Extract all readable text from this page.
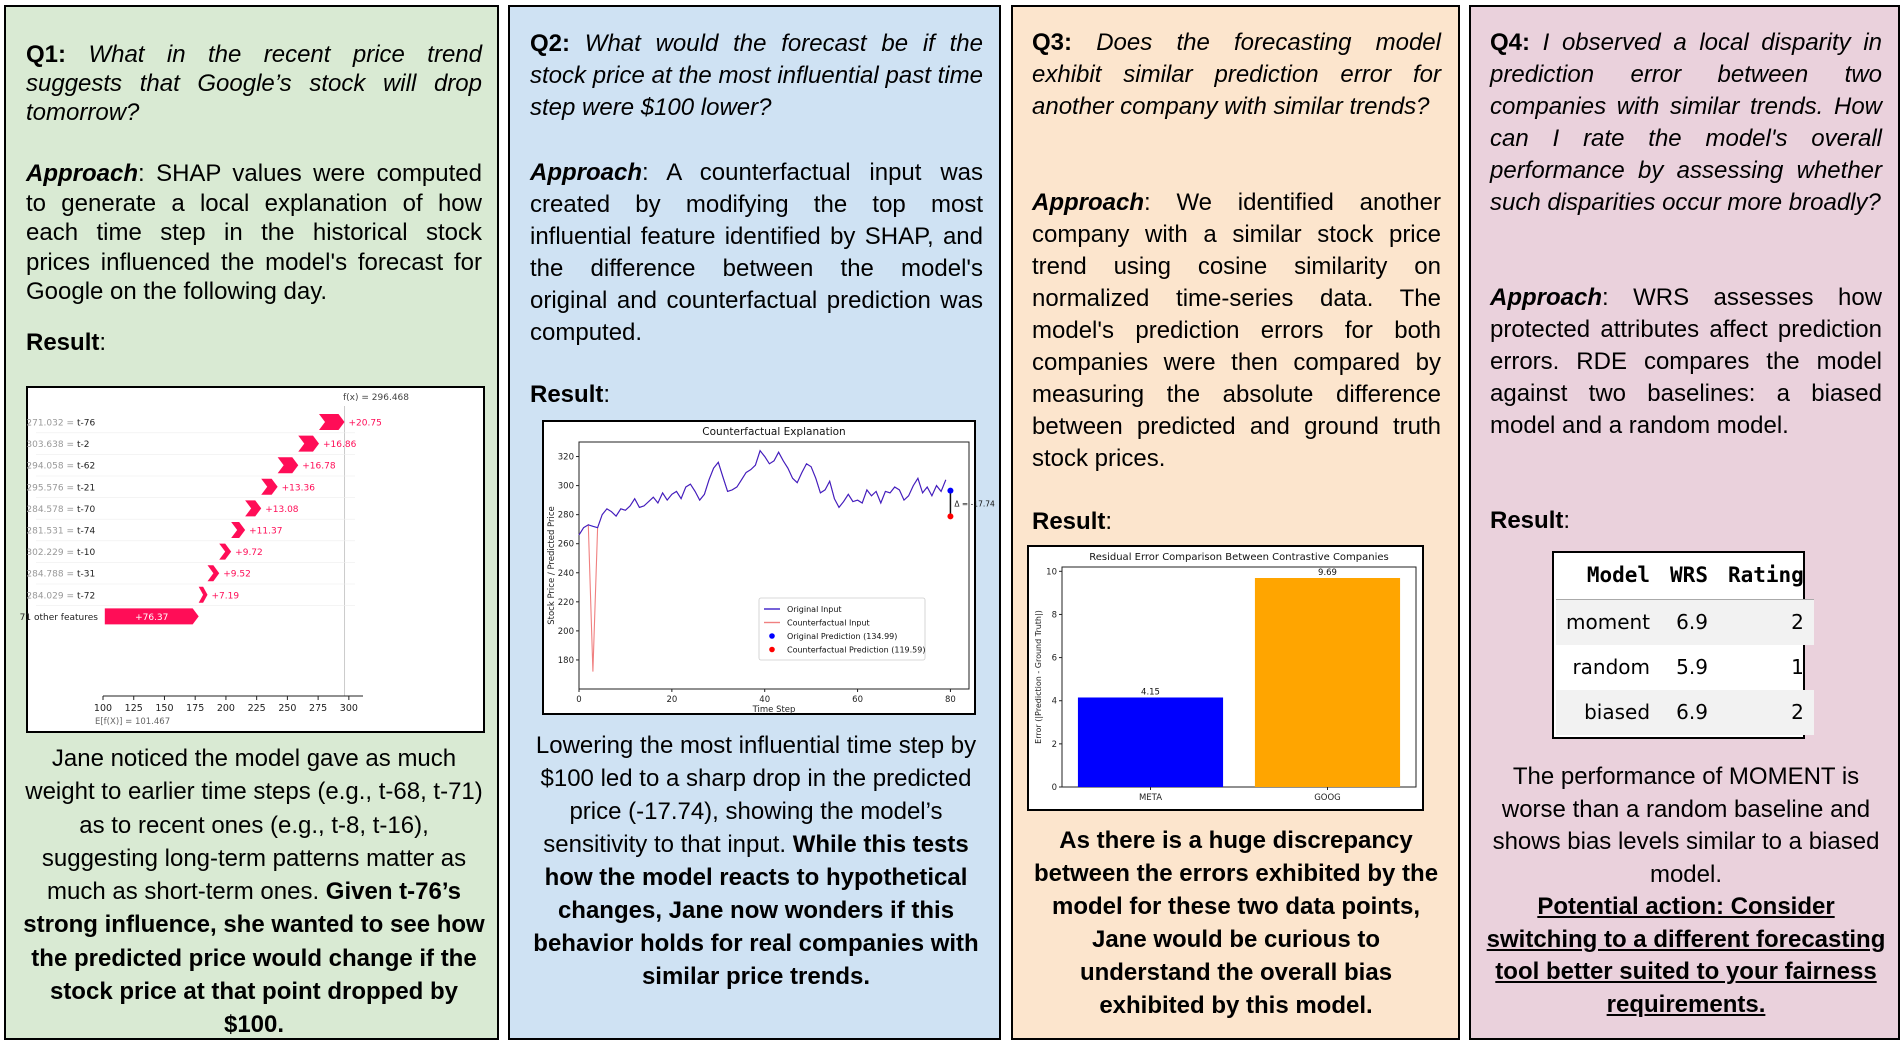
Q1: What in the recent price trend suggests that Google’s stock will drop tomorrow?
Approach: SHAP values were computed to generate a local explanation of how each time step in the historical stock prices influenced the model's forecast for Google on the following day.
Result:
f(x) = 296.468
+20.75
271.032 = t-76
+16.86
303.638 = t-2
+16.78
294.058 = t-62
+13.36
295.576 = t-21
+13.08
284.578 = t-70
+11.37
281.531 = t-74
+9.72
302.229 = t-10
+9.52
284.788 = t-31
+7.19
284.029 = t-72
+76.37
71 other features
100 125 150 175 200 225 250 275 300
E[f(X)] = 101.467
Jane noticed the model gave as much weight to earlier time steps (e.g., t-68, t-71) as to recent ones (e.g., t-8, t-16), suggesting long-term patterns matter as much as short-term ones. Given t-76’s strong influence, she wanted to see how the predicted price would change if the stock price at that point dropped by $100.
Q2: What would the forecast be if the stock price at the most influential past time step were $100 lower?
Approach: A counterfactual input was created by modifying the top most influential feature identified by SHAP, and the difference between the model's original and counterfactual prediction was computed.
Result:
Counterfactual Explanation
180
200
220
240
260
280
300
320
0	20	40	60	80
Time Step
Stock Price / Predicted Price
Δ = -17.74
Original Input
Counterfactual Input
Original Prediction (134.99)
Counterfactual Prediction (119.59)
Lowering the most influential time step by $100 led to a sharp drop in the predicted price (-17.74), showing the model’s sensitivity to that input. While this tests how the model reacts to hypothetical changes, Jane now wonders if this behavior holds for real companies with similar price trends.
Q3: Does the forecasting model exhibit similar prediction error for another company with similar trends?
Approach: We identified another company with a similar stock price trend using cosine similarity on normalized time-series data. The model's prediction errors for both companies were then compared by measuring the absolute difference between predicted and ground truth stock prices.
Result:
Residual Error Comparison Between Contrastive Companies
0
2
4
6
8
10
Error (|Prediction - Ground Truth|)	4.15
META
9.69
GOOG
As there is a huge discrepancy between the errors exhibited by the model for these two data points, Jane would be curious to understand the overall bias exhibited by this model.
Q4: I observed a local disparity in prediction error between two companies with similar trends. How can I rate the model's overall performance by assessing whether such disparities occur more broadly?
Approach: WRS assesses how protected attributes affect prediction errors. RDE compares the model against two baselines: a biased model and a random model.
Result:
Model	WRS	Rating
moment	6.9	2
random	5.9	1
biased	6.9	2
The performance of MOMENT is worse than a random baseline and shows bias levels similar to a biased model.
Potential action: Consider switching to a different forecasting tool better suited to your fairness requirements.
